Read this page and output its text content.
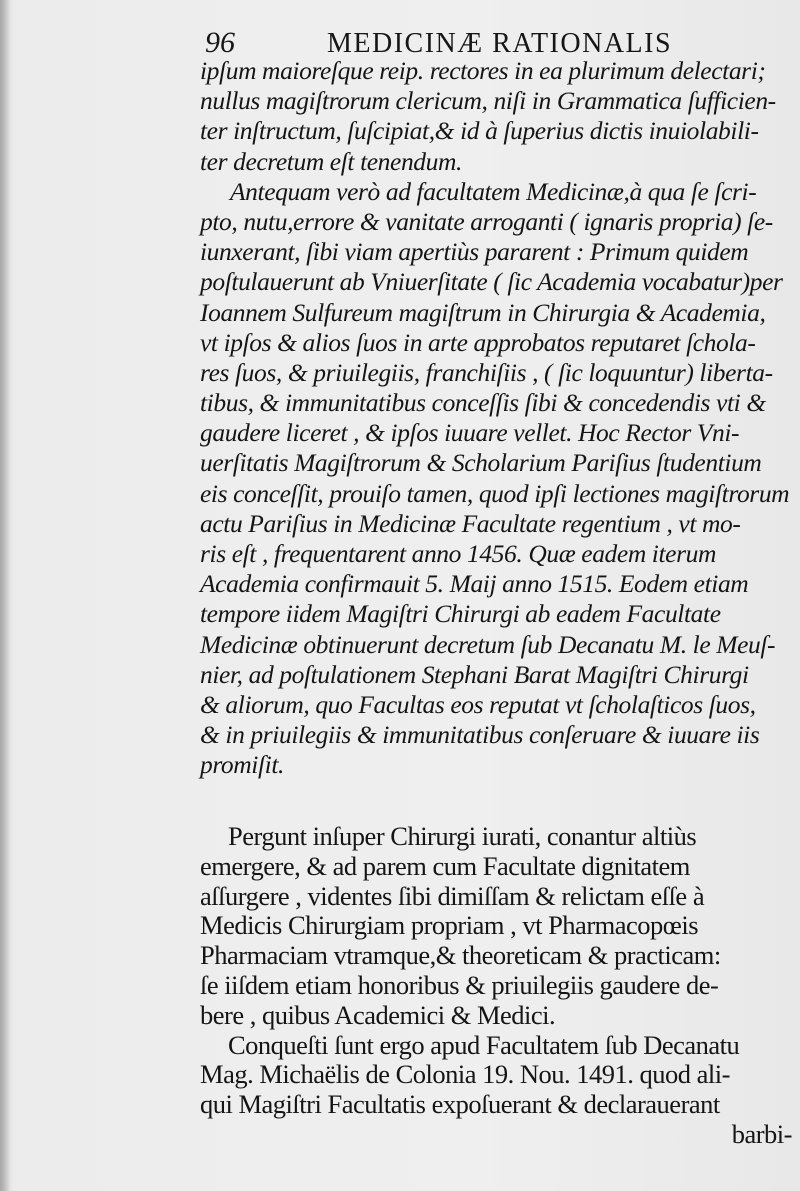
96	MEDICINÆ RATIONALIS
ipſum maioreſque reip. rectores in ea plurimum delectari;
nullus magiſtrorum clericum, niſi in Grammatica ſufficien-
ter inſtructum, ſuſcipiat,& id à ſuperius dictis inuiolabili-
ter decretum eſt tenendum.
Antequam verò ad facultatem Medicinæ,à qua ſe ſcri-
pto, nutu,errore & vanitate arroganti ( ignaris propria) ſe-
iunxerant, ſibi viam apertiùs pararent : Primum quidem
poſtulauerunt ab Vniuerſitate ( ſic Academia vocabatur)per
Ioannem Sulfureum magiſtrum in Chirurgia & Academia,
vt ipſos & alios ſuos in arte approbatos reputaret ſchola-
res ſuos, & priuilegiis, franchiſiis , ( ſic loquuntur) liberta-
tibus, & immunitatibus conceſſis ſibi & concedendis vti &
gaudere liceret , & ipſos iuuare vellet. Hoc Rector Vni-
uerſitatis Magiſtrorum & Scholarium Pariſius ſtudentium
eis conceſſit, prouiſo tamen, quod ipſi lectiones magiſtrorum
actu Pariſius in Medicinæ Facultate regentium , vt mo-
ris eſt , frequentarent anno 1456. Quæ eadem iterum
Academia confirmauit 5. Maij anno 1515. Eodem etiam
tempore iidem Magiſtri Chirurgi ab eadem Facultate
Medicinæ obtinuerunt decretum ſub Decanatu M. le Meuſ-
nier, ad poſtulationem Stephani Barat Magiſtri Chirurgi
& aliorum, quo Facultas eos reputat vt ſcholaſticos ſuos,
& in priuilegiis & immunitatibus conſeruare & iuuare iis
promiſit.
Pergunt inſuper Chirurgi iurati, conantur altiùs
emergere, & ad parem cum Facultate dignitatem
aſſurgere , videntes ſibi dimiſſam & relictam eſſe à
Medicis Chirurgiam propriam , vt Pharmacopœis
Pharmaciam vtramque,& theoreticam & practicam:
ſe iiſdem etiam honoribus & priuilegiis gaudere de-
bere , quibus Academici & Medici.
Conqueſti ſunt ergo apud Facultatem ſub Decanatu
Mag. Michaëlis de Colonia 19. Nou. 1491. quod ali-
qui Magiſtri Facultatis expoſuerant & declarauerant
barbi-
